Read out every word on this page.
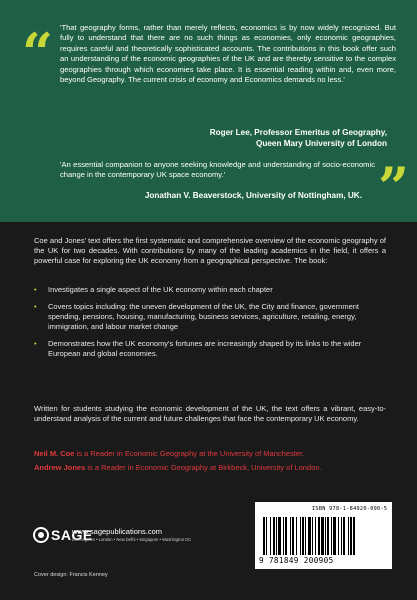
“ 'That geography forms, rather than merely reflects, economics is by now widely recognized. But fully to understand that there are no such things as economies, only economic geographies, requires careful and theoretically sophisticated accounts. The contributions in this book offer such an understanding of the economic geographies of the UK and are thereby sensitive to the complex geographies through which economies take place. It is essential reading within and, even more, beyond Geography. The current crisis of economy and Economics demands no less.'

Roger Lee, Professor Emeritus of Geography,
Queen Mary University of London

'An essential companion to anyone seeking knowledge and understanding of socio-economic change in the contemporary UK space economy.'

Jonathan V. Beaverstock, University of Nottingham, UK. ”

Coe and Jones' text offers the first systematic and comprehensive overview of the economic geography of the UK for two decades. With contributions by many of the leading academics in the field, it offers a powerful case for exploring the UK economy from a geographical perspective. The book:

• Investigates a single aspect of the UK economy within each chapter
• Covers topics including: the uneven development of the UK, the City and finance, government spending, pensions, housing, manufacturing, business services, agriculture, retailing, energy, immigration, and labour market change
• Demonstrates how the UK economy's fortunes are increasingly shaped by its links to the wider European and global economies.

Written for students studying the economic development of the UK, the text offers a vibrant, easy-to-understand analysis of the current and future challenges that face the contemporary UK economy.

Neil M. Coe is a Reader in Economic Geography at the University of Manchester.

Andrew Jones is a Reader in Economic Geography at Birkbeck, University of London.

SAGE
www.sagepublications.com
Los Angeles • London • New Delhi • Singapore • Washington DC
Cover design: Francis Kenney
ISBN 978-1-84920-090-5
9 781849 200905
